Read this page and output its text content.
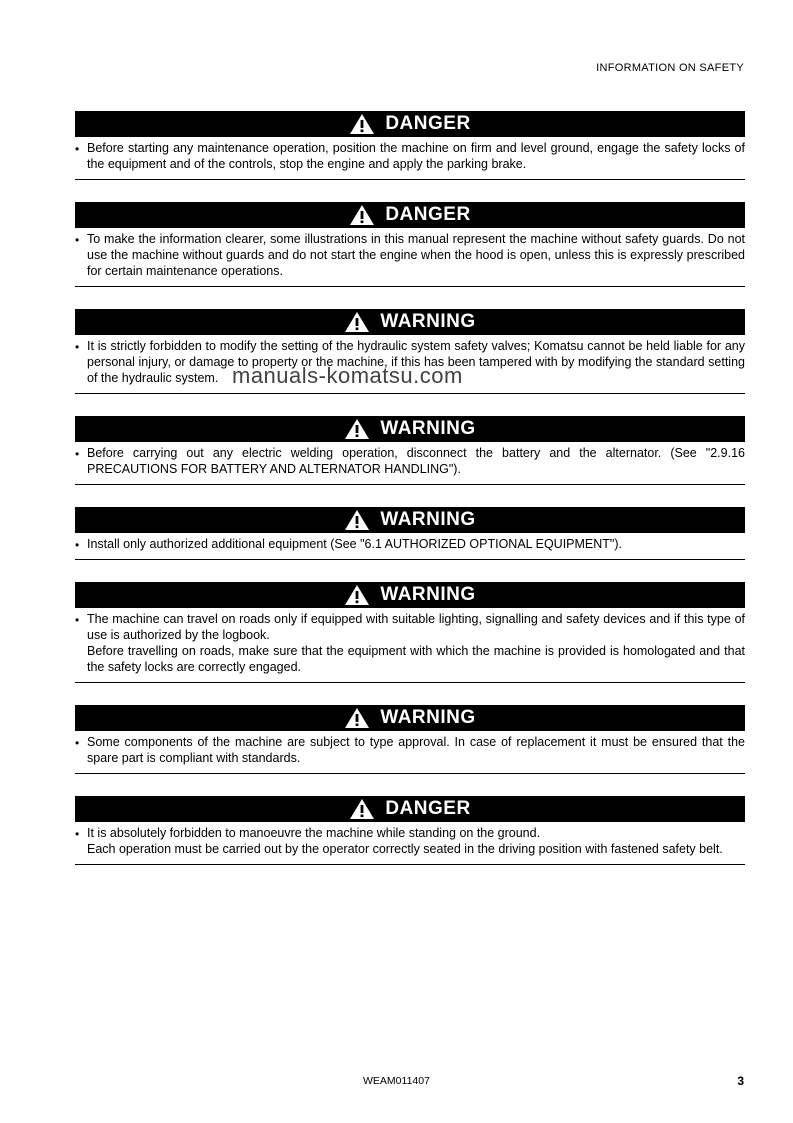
INFORMATION ON SAFETY
DANGER
• Before starting any maintenance operation, position the machine on firm and level ground, engage the safety locks of the equipment and of the controls, stop the engine and apply the parking brake.
DANGER
• To make the information clearer, some illustrations in this manual represent the machine without safety guards. Do not use the machine without guards and do not start the engine when the hood is open, unless this is expressly prescribed for certain maintenance operations.
WARNING
• It is strictly forbidden to modify the setting of the hydraulic system safety valves; Komatsu cannot be held liable for any personal injury, or damage to property or the machine, if this has been tampered with by modifying the standard setting of the hydraulic system.
WARNING
• Before carrying out any electric welding operation, disconnect the battery and the alternator. (See "2.9.16 PRECAUTIONS FOR BATTERY AND ALTERNATOR HANDLING").
WARNING
• Install only authorized additional equipment (See "6.1 AUTHORIZED OPTIONAL EQUIPMENT").
WARNING
• The machine can travel on roads only if equipped with suitable lighting, signalling and safety devices and if this type of use is authorized by the logbook.
Before travelling on roads, make sure that the equipment with which the machine is provided is homologated and that the safety locks are correctly engaged.
WARNING
• Some components of the machine are subject to type approval. In case of replacement it must be ensured that the spare part is compliant with standards.
DANGER
• It is absolutely forbidden to manoeuvre the machine while standing on the ground.
Each operation must be carried out by the operator correctly seated in the driving position with fastened safety belt.
manuals-komatsu.com
WEAM011407	3
